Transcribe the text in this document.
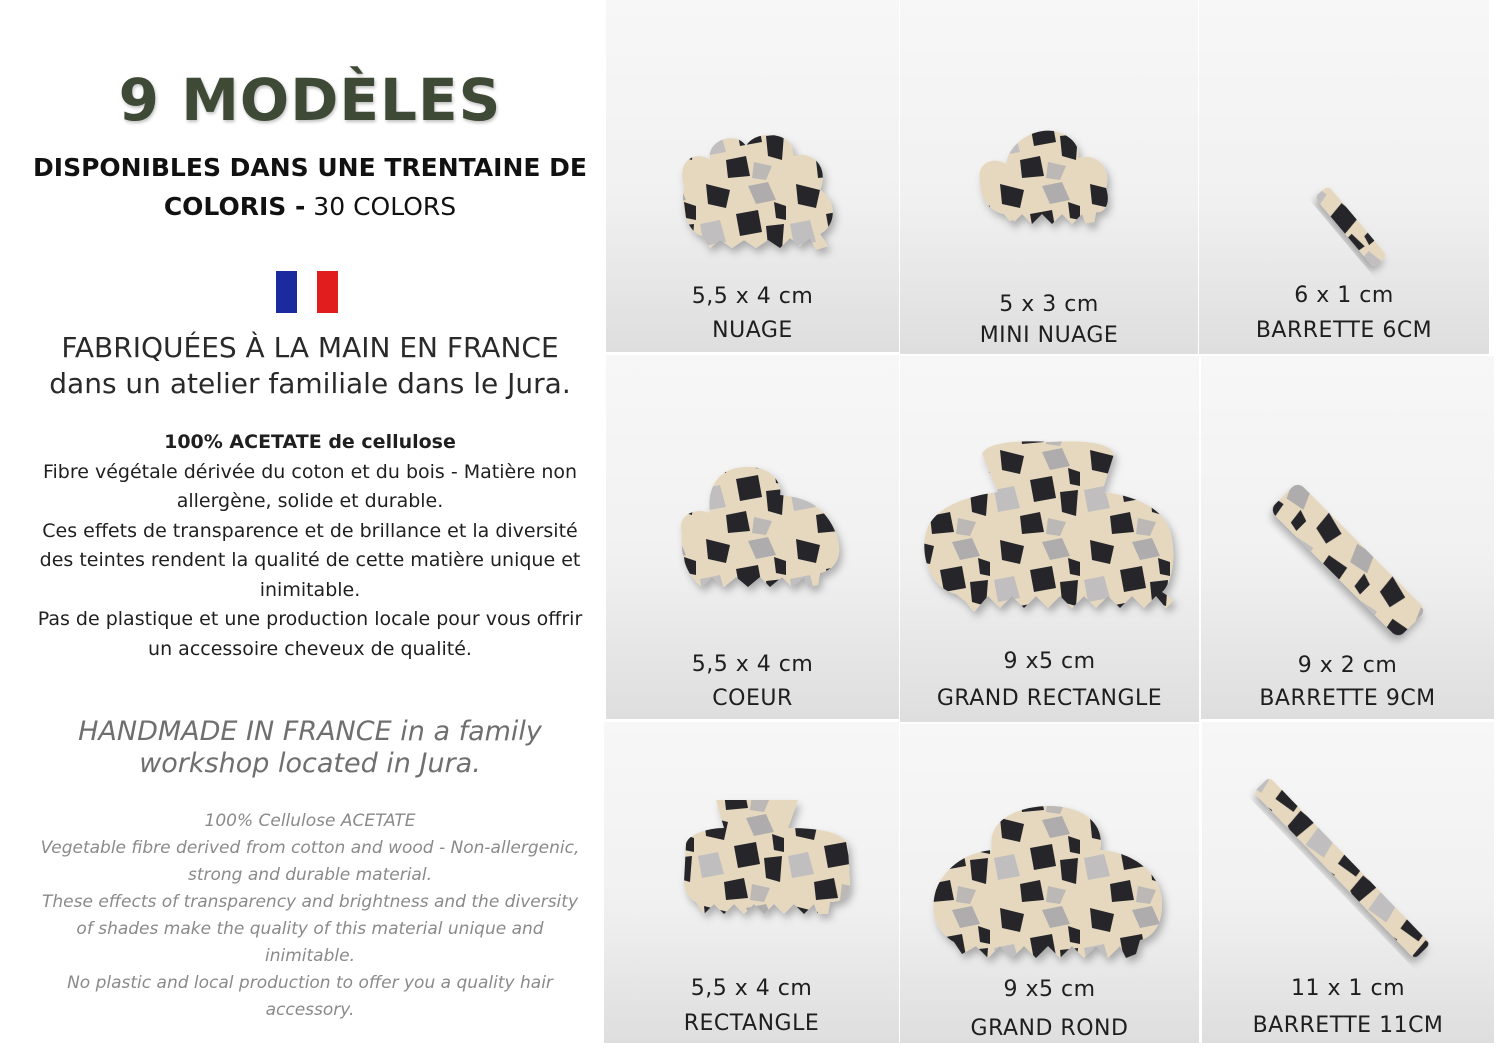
9 MODÈLES
DISPONIBLES DANS UNE TRENTAINE DE
COLORIS - 30 COLORS
FABRIQUÉES À LA MAIN EN FRANCE
dans un atelier familiale dans le Jura.
100% ACETATE de cellulose
Fibre végétale dérivée du coton et du bois - Matière non
allergène, solide et durable.
Ces effets de transparence et de brillance et la diversité
des teintes rendent la qualité de cette matière unique et
inimitable.
Pas de plastique et une production locale pour vous offrir
un accessoire cheveux de qualité.
HANDMADE IN FRANCE in a family
workshop located in Jura.
100% Cellulose ACETATE
Vegetable fibre derived from cotton and wood - Non-allergenic,
strong and durable material.
These effects of transparency and brightness and the diversity
of shades make the quality of this material unique and inimitable.
No plastic and local production to offer you a quality hair
accessory.
5,5 x 4 cm
NUAGE
5 x 3 cm
MINI NUAGE
6 x 1 cm
BARRETTE 6CM
5,5 x 4 cm
COEUR
9 x5 cm
GRAND RECTANGLE
9 x 2 cm
BARRETTE 9CM
5,5 x 4 cm
RECTANGLE
9 x5 cm
GRAND ROND
11 x 1 cm
BARRETTE 11CM
